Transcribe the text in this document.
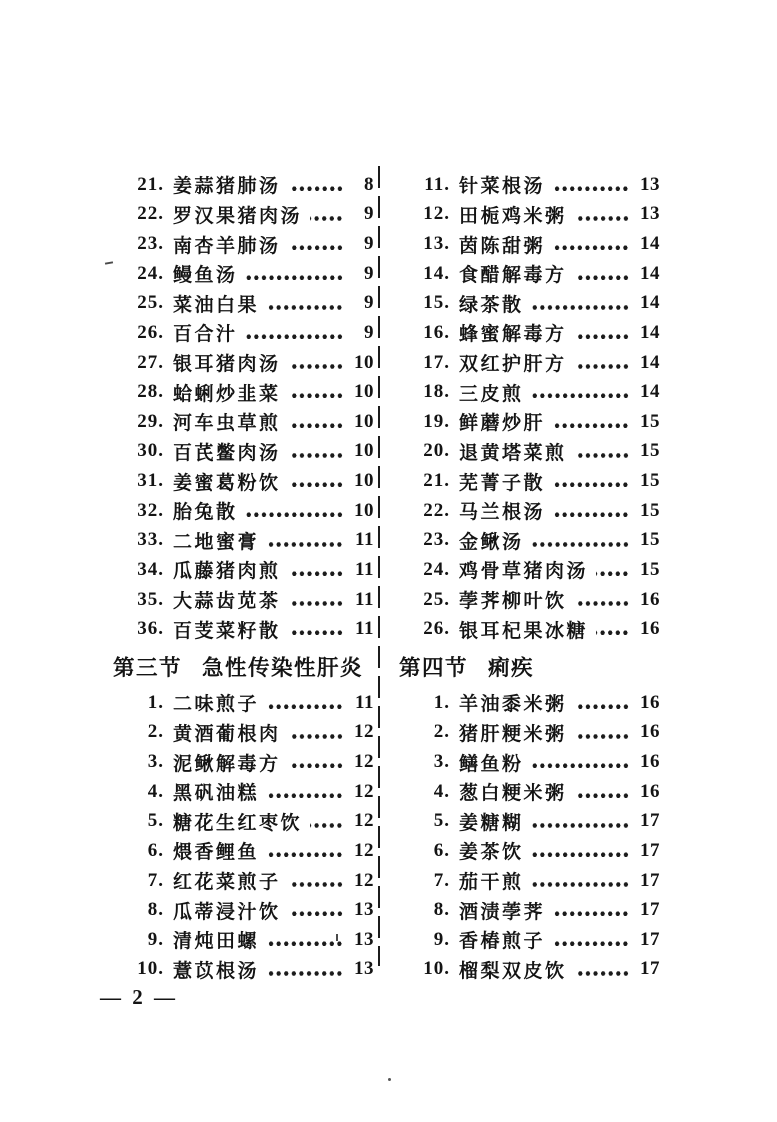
21. 姜蒜猪肺汤	8
22. 罗汉果猪肉汤	9
23. 南杏羊肺汤	9
24. 鳗鱼汤	9
25. 菜油白果	9
26. 百合汁	9
27. 银耳猪肉汤	10
28. 蛤蜊炒韭菜	10
29. 河车虫草煎	10
30. 百芪鳖肉汤	10
31. 姜蜜葛粉饮	10
32. 胎兔散	10
33. 二地蜜膏	11
34. 瓜藤猪肉煎	11
35. 大蒜齿苋茶	11
36. 百芰菜籽散	11
第三节 急性传染性肝炎
1. 二味煎子	11
2. 黄酒葡根肉	12
3. 泥鳅解毒方	12
4. 黑矾油糕	12
5. 糖花生红枣饮	12
6. 煨香鲤鱼	12
7. 红花菜煎子	12
8. 瓜蒂浸汁饮	13
9. 清炖田螺	13
10. 薏苡根汤	13
11. 针菜根汤	13
12. 田栀鸡米粥	13
13. 茵陈甜粥	14
14. 食醋解毒方	14
15. 绿茶散	14
16. 蜂蜜解毒方	14
17. 双红护肝方	14
18. 三皮煎	14
19. 鲜蘑炒肝	15
20. 退黄塔菜煎	15
21. 芜菁子散	15
22. 马兰根汤	15
23. 金鳅汤	15
24. 鸡骨草猪肉汤	15
25. 荸荠柳叶饮	16
26. 银耳杞果冰糖	16
第四节 痢疾
1. 羊油黍米粥	16
2. 猪肝粳米粥	16
3. 鳝鱼粉	16
4. 葱白粳米粥	16
5. 姜糖糊	17
6. 姜茶饮	17
7. 茄干煎	17
8. 酒渍荸荠	17
9. 香椿煎子	17
10. 榴梨双皮饮	17
— 2 —
